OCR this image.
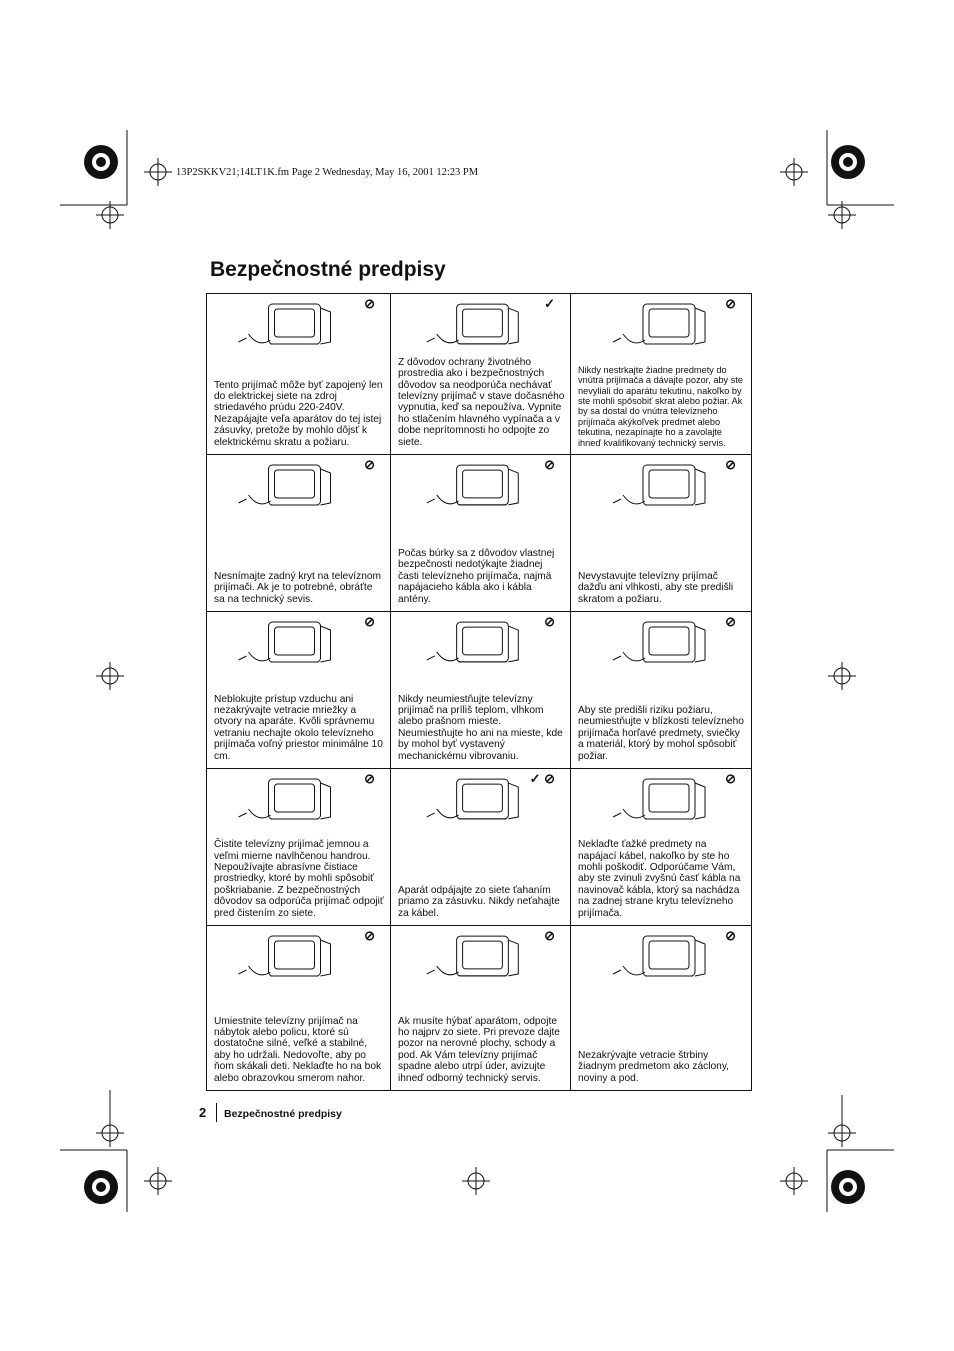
13P2SKKV21;14LT1K.fm Page 2 Wednesday, May 16, 2001 12:23 PM
Bezpečnostné predpisy
⊘
Tento prijímač môže byť zapojený len do elektrickej siete na zdroj striedavého prúdu 220-240V. Nezapájajte veľa aparátov do tej istej zásuvky, pretože by mohlo dôjsť k elektrickému skratu a požiaru.
✓
Z dôvodov ochrany životného prostredia ako i bezpečnostných dôvodov sa neodporúča nechávať televízny prijímač v stave dočasného vypnutia, keď sa nepoužíva. Vypnite ho stlačením hlavného vypínača a v dobe neprítomnosti ho odpojte zo siete.
⊘
Nikdy nestrkajte žiadne predmety do vnútra prijímača a dávajte pozor, aby ste nevyliali do aparátu tekutinu, nakoľko by ste mohli spôsobiť skrat alebo požiar. Ak by sa dostal do vnútra televízneho prijímača akýkoľvek predmet alebo tekutina, nezapínajte ho a zavolajte ihneď kvalifikovaný technický servis.
⊘
Nesnímajte zadný kryt na televíznom prijímači. Ak je to potrebné, obráťte sa na technický sevis.
⊘
Počas búrky sa z dôvodov vlastnej bezpečnosti nedotýkajte žiadnej časti televízneho prijímača, najmä napájacieho kábla ako i kábla antény.
⊘
Nevystavujte televízny prijímač dažďu ani vlhkosti, aby ste predišli skratom a požiaru.
⊘
Neblokujte prístup vzduchu ani nezakrývajte vetracie mriežky a otvory na aparáte. Kvôli správnemu vetraniu nechajte okolo televízneho prijímača voľný priestor minimálne 10 cm.
⊘
Nikdy neumiestňujte televízny prijímač na príliš teplom, vlhkom alebo prašnom mieste. Neumiestňujte ho ani na mieste, kde by mohol byť vystavený mechanickému vibrovaniu.
⊘
Aby ste predišli riziku požiaru, neumiestňujte v blízkosti televízneho prijímača horľavé predmety, sviečky a materiál, ktorý by mohol spôsobiť požiar.
⊘
Čistite televízny prijímač jemnou a veľmi mierne navlhčenou handrou. Nepoužívajte abrasívne čistiace prostriedky, ktoré by mohli spôsobiť poškriabanie. Z bezpečnostných dôvodov sa odporúča prijímač odpojiť pred čistením zo siete.
✓ ⊘
Aparát odpájajte zo siete ťahaním priamo za zásuvku. Nikdy neťahajte za kábel.
⊘
Neklaďte ťažké predmety na napájací kábel, nakoľko by ste ho mohli poškodiť. Odporúčame Vám, aby ste zvinuli zvyšnú časť kábla na navinovač kábla, ktorý sa nachádza na zadnej strane krytu televízneho prijímača.
⊘
Umiestnite televízny prijímač na nábytok alebo policu, ktoré sú dostatočne silné, veľké a stabilné, aby ho udržali. Nedovoľte, aby po ňom skákali deti. Neklaďte ho na bok alebo obrazovkou smerom nahor.
⊘
Ak musíte hýbať aparátom, odpojte ho najprv zo siete. Pri prevoze dajte pozor na nerovné plochy, schody a pod. Ak Vám televízny prijímač spadne alebo utrpí úder, avizujte ihneď odborný technický servis.
⊘
Nezakrývajte vetracie štrbiny žiadnym predmetom ako záclony, noviny a pod.
2 Bezpečnostné predpisy
